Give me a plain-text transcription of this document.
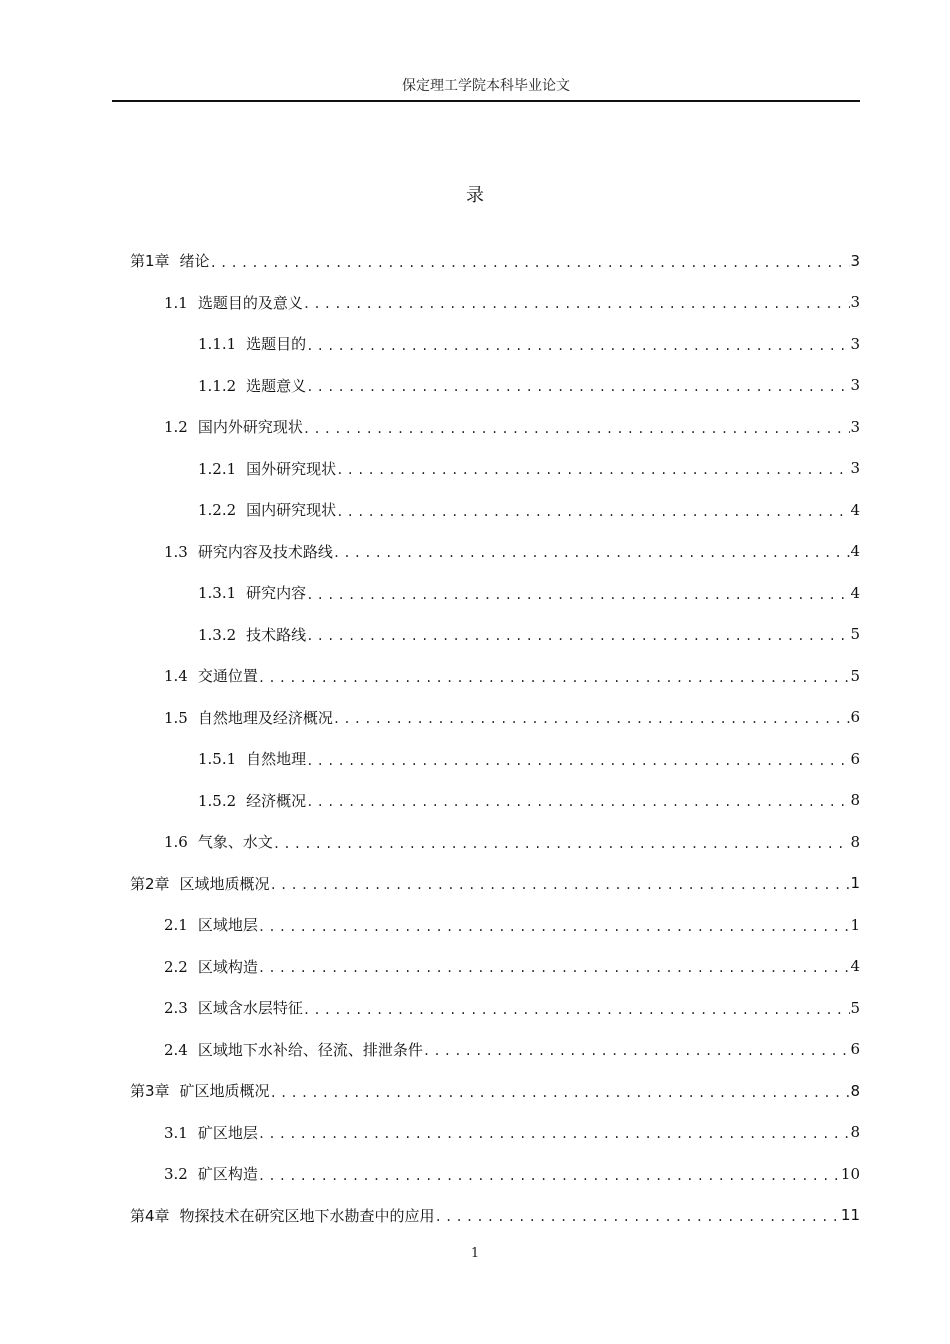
保定理工学院本科毕业论文
录
第1章 绪论 . . .	3
1.1 选题目的及意义 . . .	3
1.1.1 选题目的 . . .	3
1.1.2 选题意义 . . .	3
1.2 国内外研究现状 . . .	3
1.2.1 国外研究现状 . . .	3
1.2.2 国内研究现状 . . .	4
1.3 研究内容及技术路线 . . .	4
1.3.1 研究内容 . . .	4
1.3.2 技术路线 . . .	5
1.4 交通位置 . . .	5
1.5 自然地理及经济概况 . . .	6
1.5.1 自然地理 . . .	6
1.5.2 经济概况 . . .	8
1.6 气象、水文 . . .	8
第2章 区域地质概况 . . .	1
2.1 区域地层 . . .	1
2.2 区域构造 . . .	4
2.3 区域含水层特征 . . .	5
2.4 区域地下水补给、径流、排泄条件 . . .	6
第3章 矿区地质概况 . . .	8
3.1 矿区地层 . . .	8
3.2 矿区构造 . . .	10
第4章 物探技术在研究区地下水勘查中的应用 . . .	11
1
